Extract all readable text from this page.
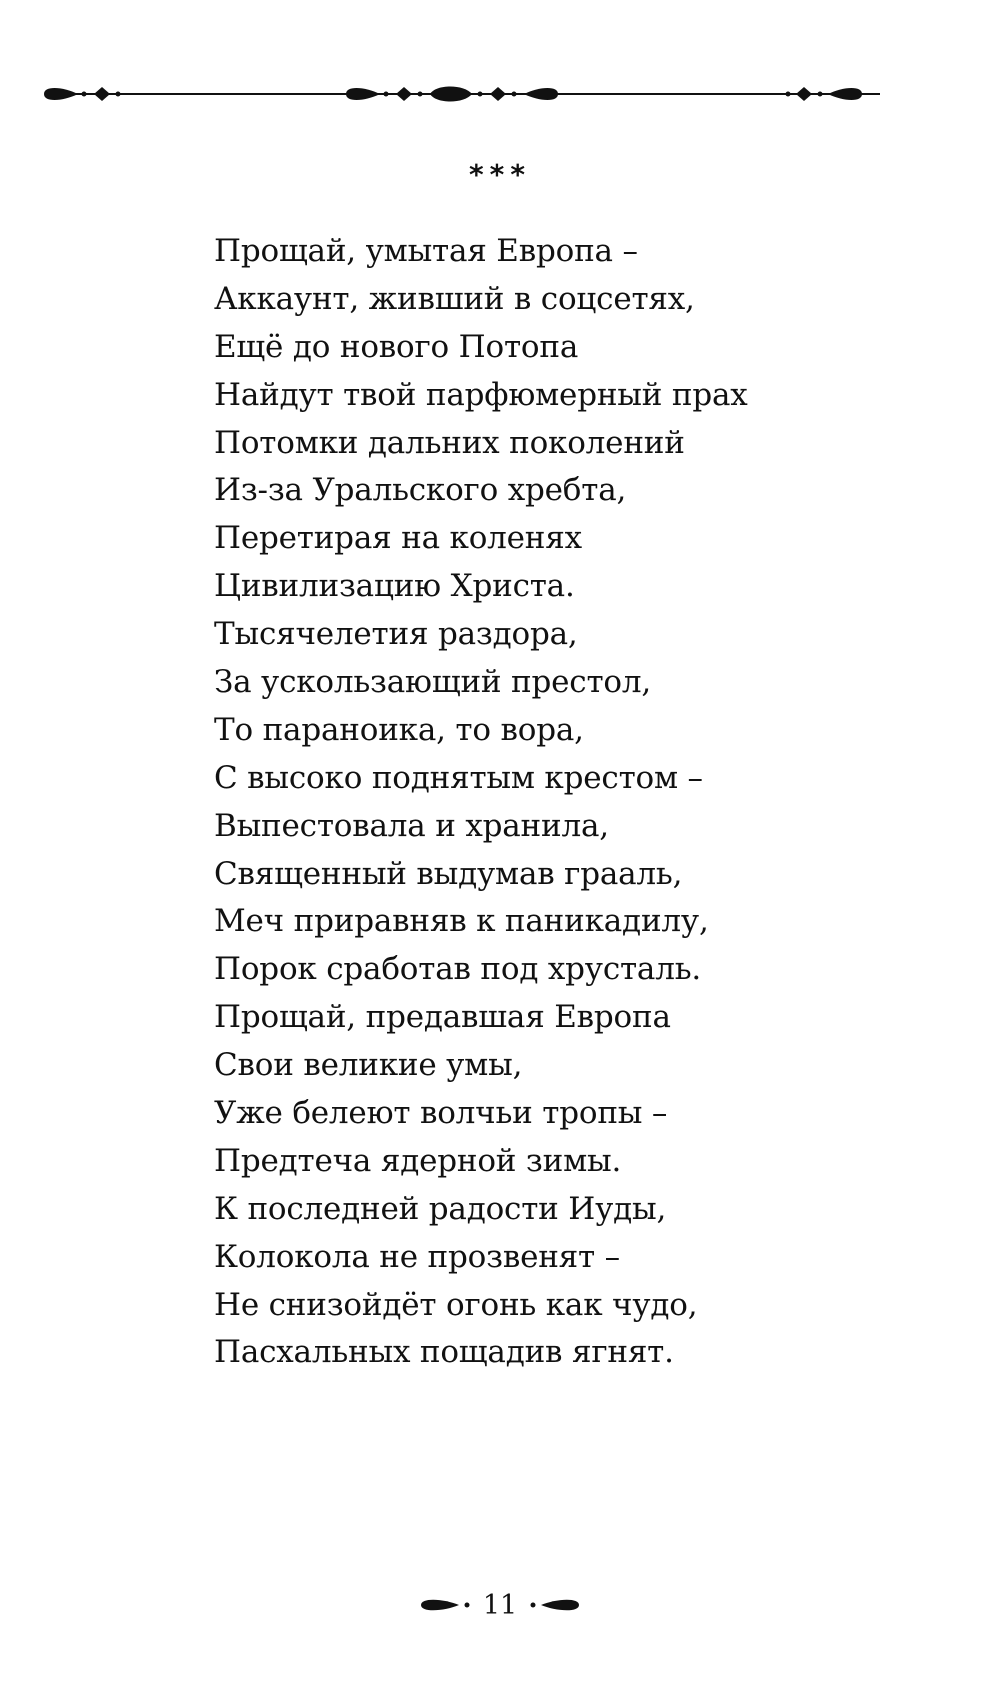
***
Прощай, умытая Европа –
Аккаунт, живший в соцсетях,
Ещё до нового Потопа
Найдут твой парфюмерный прах
Потомки дальних поколений
Из-за Уральского хребта,
Перетирая на коленях
Цивилизацию Христа.
Тысячелетия раздора,
За ускользающий престол,
То параноика, то вора,
С высоко поднятым крестом –
Выпестовала и хранила,
Священный выдумав грааль,
Меч приравняв к паникадилу,
Порок сработав под хрусталь.
Прощай, предавшая Европа
Свои великие умы,
Уже белеют волчьи тропы –
Предтеча ядерной зимы.
К последней радости Иуды,
Колокола не прозвенят –
Не снизойдёт огонь как чудо,
Пасхальных пощадив ягнят.
11
